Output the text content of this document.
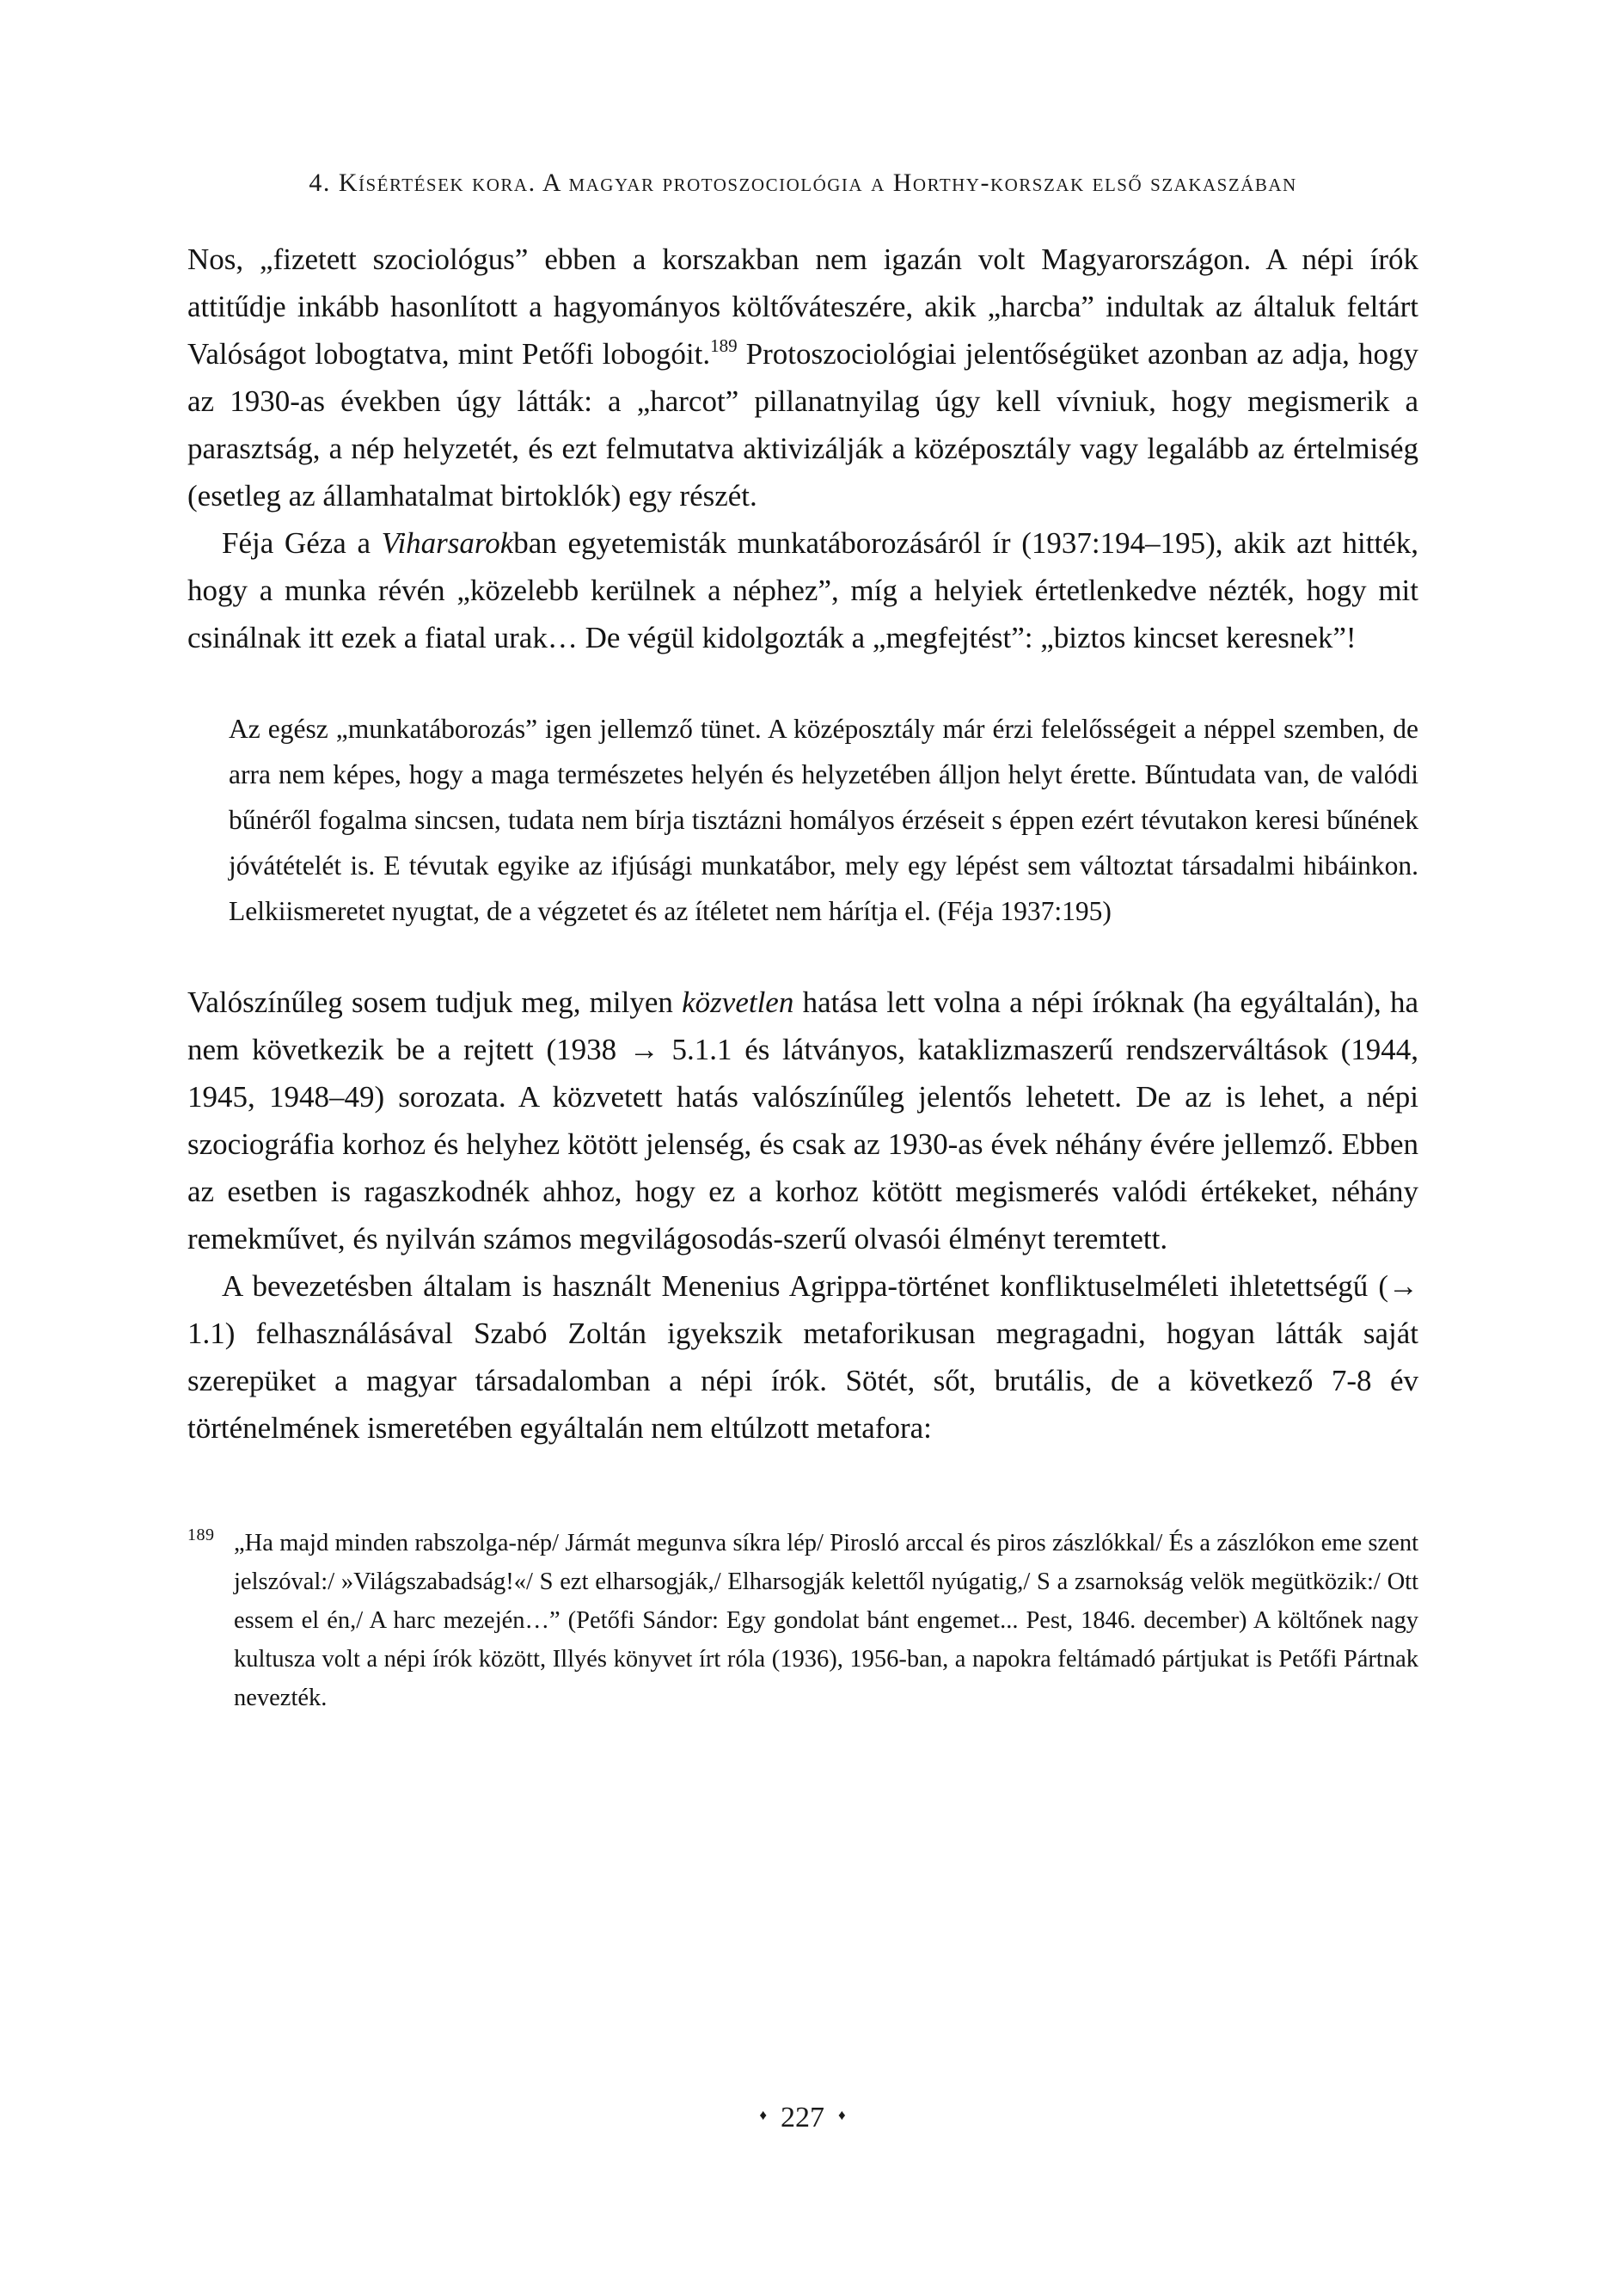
4. Kísértések kora. A magyar protoszociológia a Horthy-korszak első szakaszában

Nos, „fizetett szociológus” ebben a korszakban nem igazán volt Magyarországon. A népi írók attitűdje inkább hasonlított a hagyományos költőváteszére, akik „harcba” indultak az általuk feltárt Valóságot lobogtatva, mint Petőfi lobogóit.$^{189}$ Protoszociológiai jelentőségüket azonban az adja, hogy az 1930-as években úgy látták: a „harcot” pillanatnyilag úgy kell vívniuk, hogy megismerik a parasztság, a nép helyzetét, és ezt felmutatva aktivizálják a középosztály vagy legalább az értelmiség (esetleg az államhatalmat birtoklók) egy részét.

Féja Géza a Viharsarokban egyetemisták munkatáborozásáról ír (1937:194–195), akik azt hitték, hogy a munka révén „közelebb kerülnek a néphez”, míg a helyiek értetlenkedve nézték, hogy mit csinálnak itt ezek a fiatal urak… De végül kidolgozták a „megfejtést”: „biztos kincset keresnek”!

Az egész „munkatáborozás” igen jellemző tünet. A középosztály már érzi felelősségeit a néppel szemben, de arra nem képes, hogy a maga természetes helyén és helyzetében álljon helyt érette. Bűntudata van, de valódi bűnéről fogalma sincsen, tudata nem bírja tisztázni homályos érzéseit s éppen ezért tévutakon keresi bűnének jóvátételét is. E tévutak egyike az ifjúsági munkatábor, mely egy lépést sem változtat társadalmi hibáinkon. Lelkiismeretet nyugtat, de a végzetet és az ítéletet nem hárítja el. (Féja 1937:195)

Valószínűleg sosem tudjuk meg, milyen közvetlen hatása lett volna a népi íróknak (ha egyáltalán), ha nem következik be a rejtett (1938 → 5.1.1 és látványos, kataklizmaszerű rendszerváltások (1944, 1945, 1948–49) sorozata. A közvetett hatás valószínűleg jelentős lehetett. De az is lehet, a népi szociográfia korhoz és helyhez kötött jelenség, és csak az 1930-as évek néhány évére jellemző. Ebben az esetben is ragaszkodnék ahhoz, hogy ez a korhoz kötött megismerés valódi értékeket, néhány remekművet, és nyilván számos megvilágosodás-szerű olvasói élményt teremtett.

A bevezetésben általam is használt Menenius Agrippa-történet konfliktuselméleti ihletettségű (→ 1.1) felhasználásával Szabó Zoltán igyekszik metaforikusan megragadni, hogyan látták saját szerepüket a magyar társadalomban a népi írók. Sötét, sőt, brutális, de a következő 7-8 év történelmének ismeretében egyáltalán nem eltúlzott metafora:

189 „Ha majd minden rabszolga-nép/ Jármát megunva síkra lép/ Pirosló arccal és piros zászlókkal/ És a zászlókon eme szent jelszóval:/ »Világszabadság!«/ S ezt elharsogják,/ Elharsogják kelettől nyúgatig,/ S a zsarnokság velök megütközik:/ Ott essem el én,/ A harc mezején…” (Petőfi Sándor: Egy gondolat bánt engemet... Pest, 1846. december) A költőnek nagy kultusza volt a népi írók között, Illyés könyvet írt róla (1936), 1956-ban, a napokra feltámadó pártjukat is Petőfi Pártnak nevezték.
♦ 227 ♦
